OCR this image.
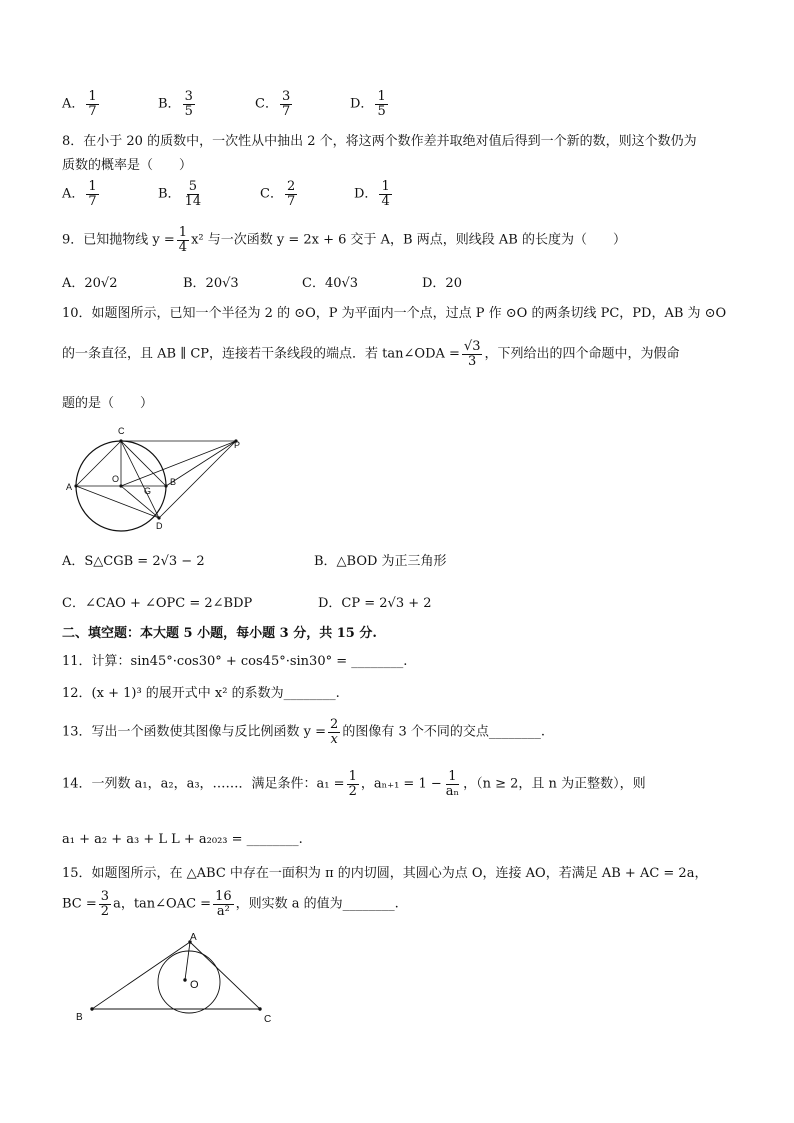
A． $\frac{1}{7}$	B． $\frac{3}{5}$	C． $\frac{3}{7}$	D． $\frac{1}{5}$
8．在小于 20 的质数中，一次性从中抽出 2 个，将这两个数作差并取绝对值后得到一个新的数，则这个数仍为
质数的概率是（　　）
A． $\frac{1}{7}$	B． $\frac{5}{14}$	C． $\frac{2}{7}$	D． $\frac{1}{4}$
9．已知抛物线 $y = \frac{1}{4} x^2$ 与一次函数 y = 2x + 6 交于 A，B 两点，则线段 AB 的长度为（　　）
A．20√2	B．20√3	C．40√3	D．20
10．如题图所示，已知一个半径为 2 的 ⊙O，P 为平面内一个点，过点 P 作 ⊙O 的两条切线 PC，PD，AB 为 ⊙O
的一条直径，且 AB ∥ CP，连接若干条线段的端点．若 tan∠ODA = $\frac{√3}{3}$ ，下列给出的四个命题中，为假命
题的是（　　）
C
P
A
O
G
B
D
A．S△CGB = 2√3 − 2	B．△BOD 为正三角形
C．∠CAO + ∠OPC = 2∠BDP	D．CP = 2√3 + 2
二、填空题：本大题 5 小题，每小题 3 分，共 15 分.
11．计算：sin45°·cos30° + cos45°·sin30° = ________.
12．(x + 1)³ 的展开式中 x² 的系数为________.
13．写出一个函数使其图像与反比例函数 $y = \frac{2}{x}$ 的图像有 3 个不同的交点________.
14．一列数 a₁，a₂，a₃，……．满足条件：$a_1 = \frac{1}{2}$ ，$a_{n+1} = 1 - \frac{1}{\text{aₙ}}$ ，（n ≥ 2，且 n 为正整数），则
a₁ + a₂ + a₃ + L L + a₂₀₂₃ = ________.
15．如题图所示，在 △ABC 中存在一面积为 π 的内切圆，其圆心为点 O，连接 AO，若满足 AB + AC = 2a，
BC = $\frac{3}{2}$ a，tan∠OAC = $\frac{16}{\text{a²}}$ ，则实数 a 的值为________.
A
O
B	C
